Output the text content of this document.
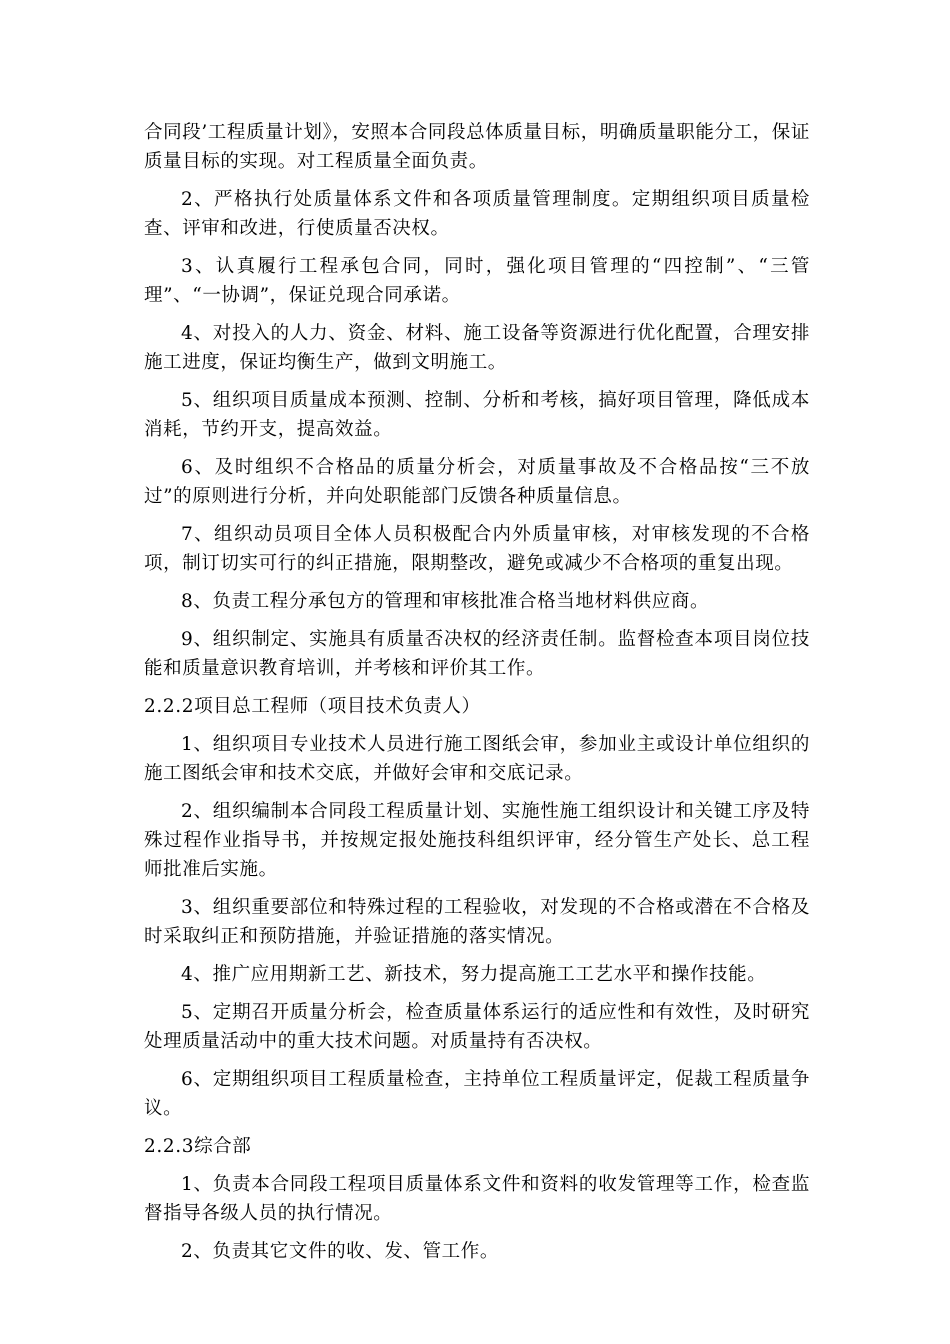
合同段’工程质量计划》，安照本合同段总体质量目标，明确质量职能分工，保证质量目标的实现。对工程质量全面负责。
2、严格执行处质量体系文件和各项质量管理制度。定期组织项目质量检查、评审和改进，行使质量否决权。
3、认真履行工程承包合同，同时，强化项目管理的“四控制”、“三管理”、“一协调”，保证兑现合同承诺。
4、对投入的人力、资金、材料、施工设备等资源进行优化配置，合理安排施工进度，保证均衡生产，做到文明施工。
5、组织项目质量成本预测、控制、分析和考核，搞好项目管理，降低成本消耗，节约开支，提高效益。
6、及时组织不合格品的质量分析会，对质量事故及不合格品按“三不放过”的原则进行分析，并向处职能部门反馈各种质量信息。
7、组织动员项目全体人员积极配合内外质量审核，对审核发现的不合格项，制订切实可行的纠正措施，限期整改，避免或减少不合格项的重复出现。
8、负责工程分承包方的管理和审核批准合格当地材料供应商。
9、组织制定、实施具有质量否决权的经济责任制。监督检查本项目岗位技能和质量意识教育培训，并考核和评价其工作。
2.2.2项目总工程师（项目技术负责人）
1、组织项目专业技术人员进行施工图纸会审，参加业主或设计单位组织的施工图纸会审和技术交底，并做好会审和交底记录。
2、组织编制本合同段工程质量计划、实施性施工组织设计和关键工序及特殊过程作业指导书，并按规定报处施技科组织评审，经分管生产处长、总工程师批准后实施。
3、组织重要部位和特殊过程的工程验收，对发现的不合格或潜在不合格及时采取纠正和预防措施，并验证措施的落实情况。
4、推广应用期新工艺、新技术，努力提高施工工艺水平和操作技能。
5、定期召开质量分析会，检查质量体系运行的适应性和有效性，及时研究处理质量活动中的重大技术问题。对质量持有否决权。
6、定期组织项目工程质量检查，主持单位工程质量评定，促裁工程质量争议。
2.2.3综合部
1、负责本合同段工程项目质量体系文件和资料的收发管理等工作，检查监督指导各级人员的执行情况。
2、负责其它文件的收、发、管工作。
